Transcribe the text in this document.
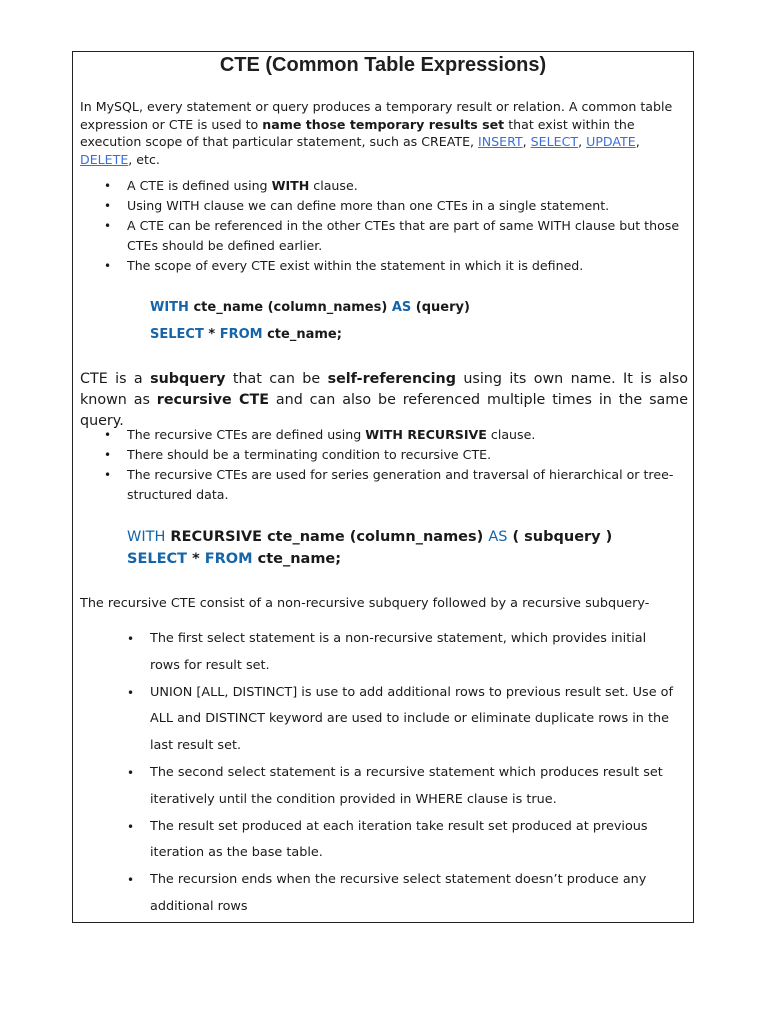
CTE (Common Table Expressions)

In MySQL, every statement or query produces a temporary result or relation. A common table expression or CTE is used to name those temporary results set that exist within the execution scope of that particular statement, such as CREATE, INSERT, SELECT, UPDATE, DELETE, etc.

• A CTE is defined using WITH clause.
• Using WITH clause we can define more than one CTEs in a single statement.
• A CTE can be referenced in the other CTEs that are part of same WITH clause but those CTEs should be defined earlier.
• The scope of every CTE exist within the statement in which it is defined.
WITH cte_name (column_names) AS (query)
SELECT * FROM cte_name;

CTE is a subquery that can be self-referencing using its own name. It is also known as recursive CTE and can also be referenced multiple times in the same query.

• The recursive CTEs are defined using WITH RECURSIVE clause.
• There should be a terminating condition to recursive CTE.
• The recursive CTEs are used for series generation and traversal of hierarchical or tree-structured data.
WITH RECURSIVE cte_name (column_names) AS ( subquery )
SELECT * FROM cte_name;

The recursive CTE consist of a non-recursive subquery followed by a recursive subquery-

• The first select statement is a non-recursive statement, which provides initial rows for result set.
• UNION [ALL, DISTINCT] is use to add additional rows to previous result set. Use of ALL and DISTINCT keyword are used to include or eliminate duplicate rows in the last result set.
• The second select statement is a recursive statement which produces result set iteratively until the condition provided in WHERE clause is true.
• The result set produced at each iteration take result set produced at previous iteration as the base table.
• The recursion ends when the recursive select statement doesn’t produce any additional rows
